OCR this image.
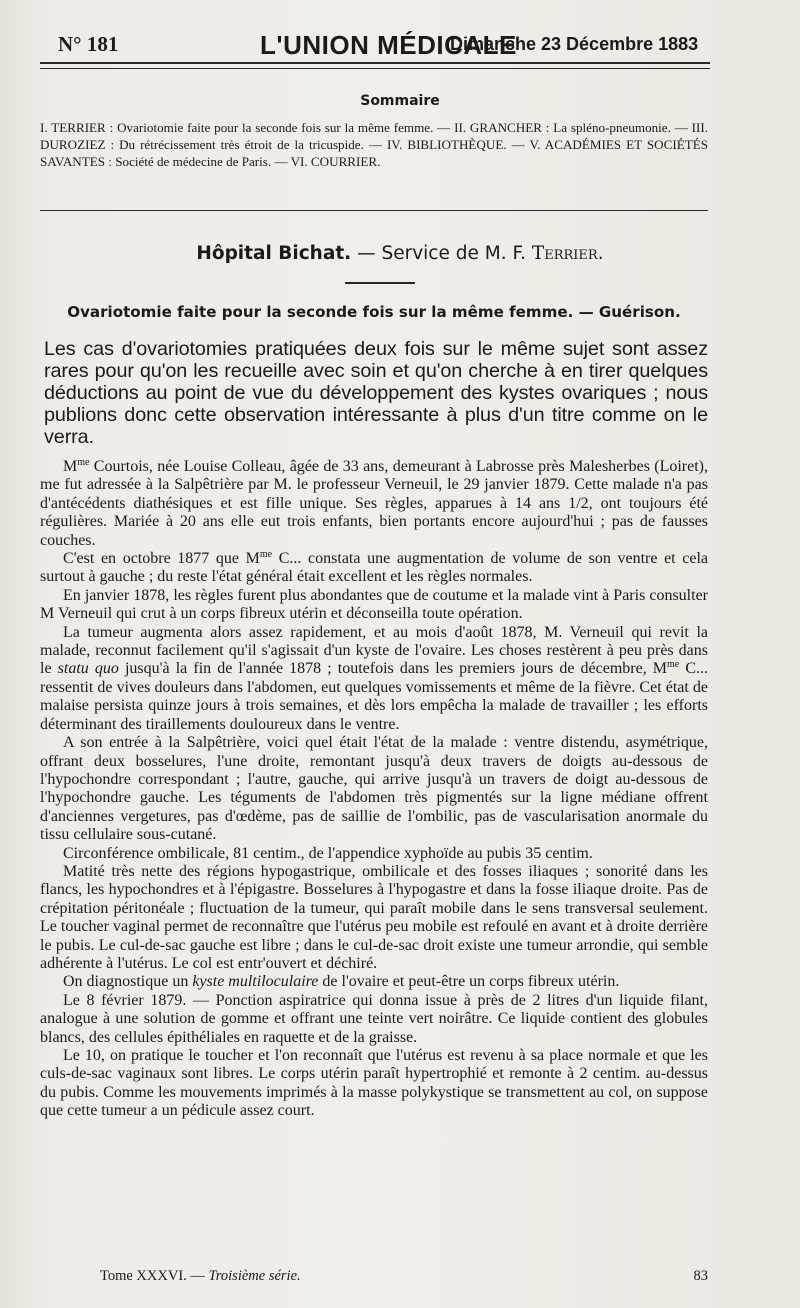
N° 181	L'UNION MÉDICALE
Dimanche 23 Décembre 1883
Sommaire
I. TERRIER : Ovariotomie faite pour la seconde fois sur la même femme. — II. GRANCHER : La spléno-pneumonie. — III. DUROZIEZ : Du rétrécissement très étroit de la tricuspide. — IV. BIBLIOTHÈQUE. — V. ACADÉMIES ET SOCIÉTÉS SAVANTES : Société de médecine de Paris. — VI. COURRIER.
Hôpital Bichat. — Service de M. F. Terrier.
Ovariotomie faite pour la seconde fois sur la même femme. — Guérison.
Les cas d'ovariotomies pratiquées deux fois sur le même sujet sont assez rares pour qu'on les recueille avec soin et qu'on cherche à en tirer quelques déductions au point de vue du développement des kystes ovariques ; nous publions donc cette observation intéressante à plus d'un titre comme on le verra.

$M^{me}$ Courtois, née Louise Colleau, âgée de 33 ans, demeurant à Labrosse près Malesherbes (Loiret), me fut adressée à la Salpêtrière par M. le professeur Verneuil, le 29 janvier 1879. Cette malade n'a pas d'antécédents diathésiques et est fille unique. Ses règles, apparues à 14 ans 1/2, ont toujours été régulières. Mariée à 20 ans elle eut trois enfants, bien portants encore aujourd'hui ; pas de fausses couches.

C'est en octobre 1877 que $M^{me}$ C... constata une augmentation de volume de son ventre et cela surtout à gauche ; du reste l'état général était excellent et les règles normales.

En janvier 1878, les règles furent plus abondantes que de coutume et la malade vint à Paris consulter M Verneuil qui crut à un corps fibreux utérin et déconseilla toute opération.

La tumeur augmenta alors assez rapidement, et au mois d'août 1878, M. Verneuil qui revit la malade, reconnut facilement qu'il s'agissait d'un kyste de l'ovaire. Les choses restèrent à peu près dans le statu quo jusqu'à la fin de l'année 1878 ; toutefois dans les premiers jours de décembre, $M^{me}$ C... ressentit de vives douleurs dans l'abdomen, eut quelques vomissements et même de la fièvre. Cet état de malaise persista quinze jours à trois semaines, et dès lors empêcha la malade de travailler ; les efforts déterminant des tiraillements douloureux dans le ventre.

A son entrée à la Salpêtrière, voici quel était l'état de la malade : ventre distendu, asymétrique, offrant deux bosselures, l'une droite, remontant jusqu'à deux travers de doigts au-dessous de l'hypochondre correspondant ; l'autre, gauche, qui arrive jusqu'à un travers de doigt au-dessous de l'hypochondre gauche. Les téguments de l'abdomen très pigmentés sur la ligne médiane offrent d'anciennes vergetures, pas d'œdème, pas de saillie de l'ombilic, pas de vascularisation anormale du tissu cellulaire sous-cutané.

Circonférence ombilicale, 81 centim., de l'appendice xyphoïde au pubis 35 centim.

Matité très nette des régions hypogastrique, ombilicale et des fosses iliaques ; sonorité dans les flancs, les hypochondres et à l'épigastre. Bosselures à l'hypogastre et dans la fosse iliaque droite. Pas de crépitation péritonéale ; fluctuation de la tumeur, qui paraît mobile dans le sens transversal seulement. Le toucher vaginal permet de reconnaître que l'utérus peu mobile est refoulé en avant et à droite derrière le pubis. Le cul-de-sac gauche est libre ; dans le cul-de-sac droit existe une tumeur arrondie, qui semble adhérente à l'utérus. Le col est entr'ouvert et déchiré.

On diagnostique un kyste multiloculaire de l'ovaire et peut-être un corps fibreux utérin.

Le 8 février 1879. — Ponction aspiratrice qui donna issue à près de 2 litres d'un liquide filant, analogue à une solution de gomme et offrant une teinte vert noirâtre. Ce liquide contient des globules blancs, des cellules épithéliales en raquette et de la graisse.

Le 10, on pratique le toucher et l'on reconnaît que l'utérus est revenu à sa place normale et que les culs-de-sac vaginaux sont libres. Le corps utérin paraît hypertrophié et remonte à 2 centim. au-dessus du pubis. Comme les mouvements imprimés à la masse polykystique se transmettent au col, on suppose que cette tumeur a un pédicule assez court.

Tome XXXVI. — Troisième série.	83
